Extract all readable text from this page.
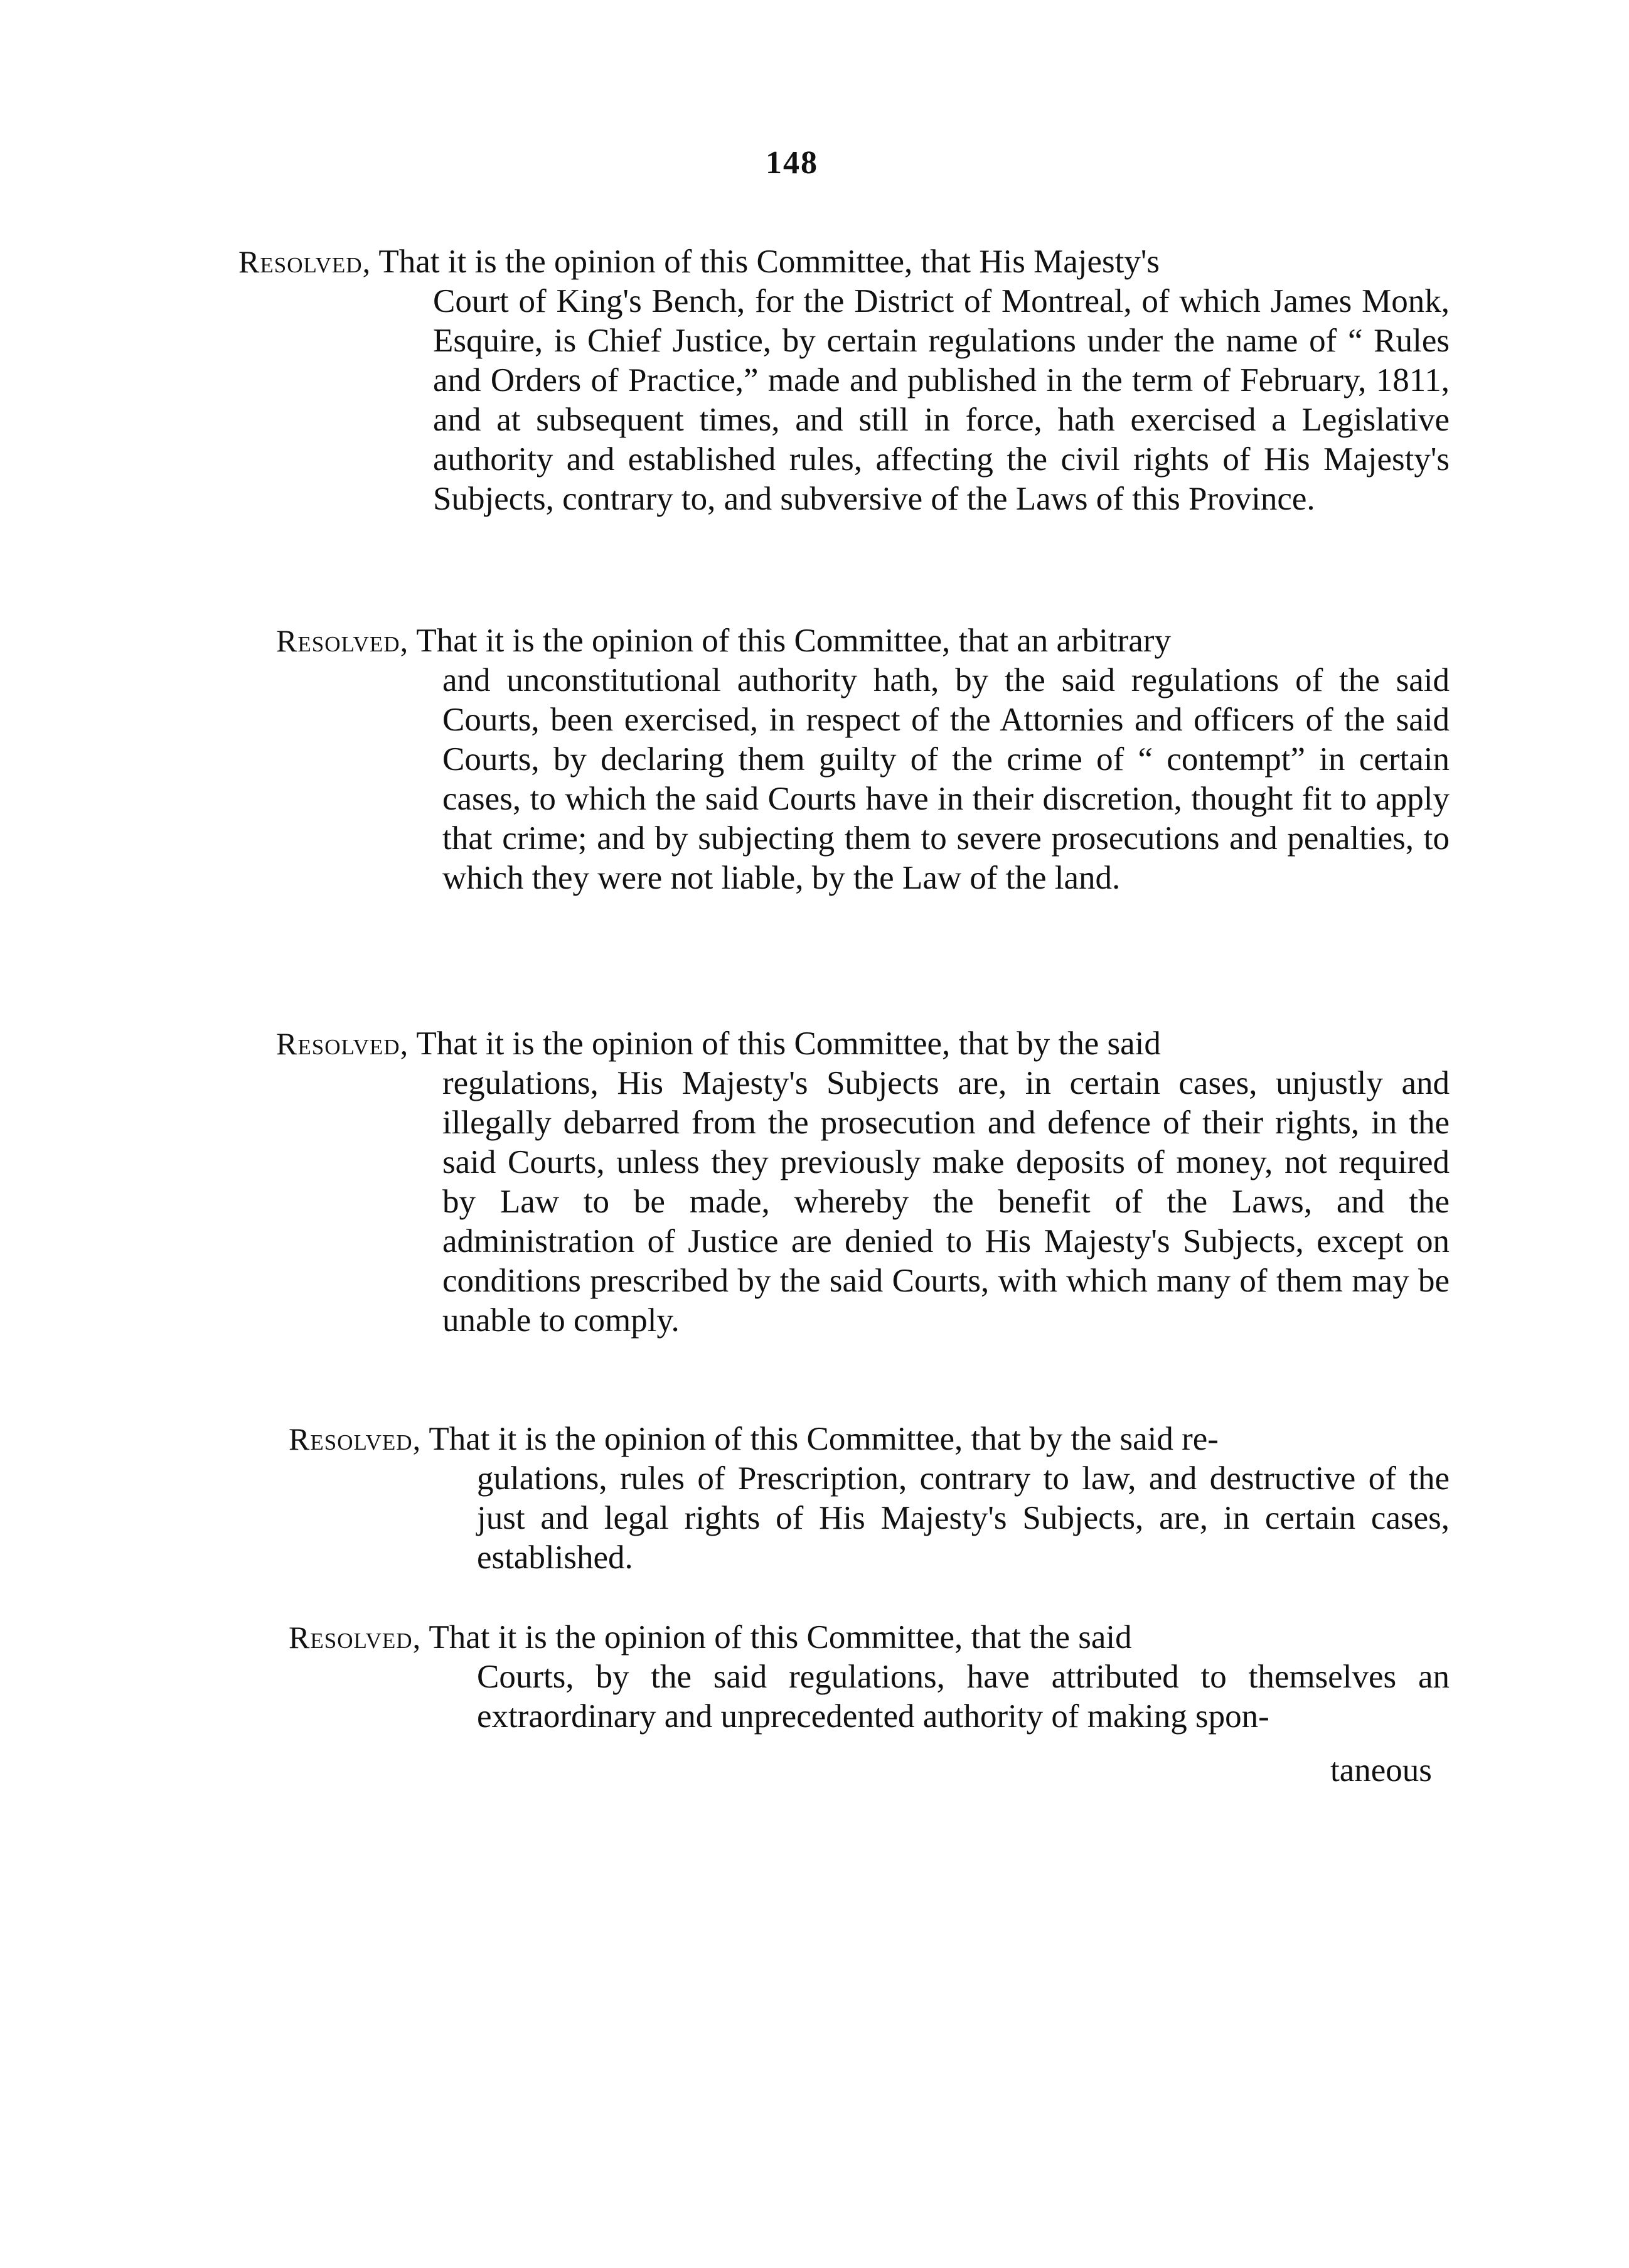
148

Resolved, That it is the opinion of this Committee, that His Majesty's
Court of King's Bench, for the District of Montreal, of which James Monk, Esquire, is Chief Justice, by certain regulations under the name of “ Rules and Orders of Practice,” made and published in the term of February, 1811, and at subsequent times, and still in force, hath exercised a Legislative authority and established rules, affecting the civil rights of His Majesty's Subjects, contrary to, and subversive of the Laws of this Province.

Resolved, That it is the opinion of this Committee, that an arbitrary
and unconstitutional authority hath, by the said regulations of the said Courts, been exercised, in respect of the Attornies and officers of the said Courts, by declaring them guilty of the crime of “ contempt” in certain cases, to which the said Courts have in their discretion, thought fit to apply that crime; and by subjecting them to severe prosecutions and penalties, to which they were not liable, by the Law of the land.

Resolved, That it is the opinion of this Committee, that by the said
regulations, His Majesty's Subjects are, in certain cases, unjustly and illegally debarred from the prosecution and defence of their rights, in the said Courts, unless they previously make deposits of money, not required by Law to be made, whereby the benefit of the Laws, and the administration of Justice are denied to His Majesty's Subjects, except on conditions prescribed by the said Courts, with which many of them may be unable to comply.

Resolved, That it is the opinion of this Committee, that by the said re-
gulations, rules of Prescription, contrary to law, and destructive of the just and legal rights of His Majesty's Subjects, are, in certain cases, established.

Resolved, That it is the opinion of this Committee, that the said
Courts, by the said regulations, have attributed to themselves an extraordinary and unprecedented authority of making spon-

taneous
